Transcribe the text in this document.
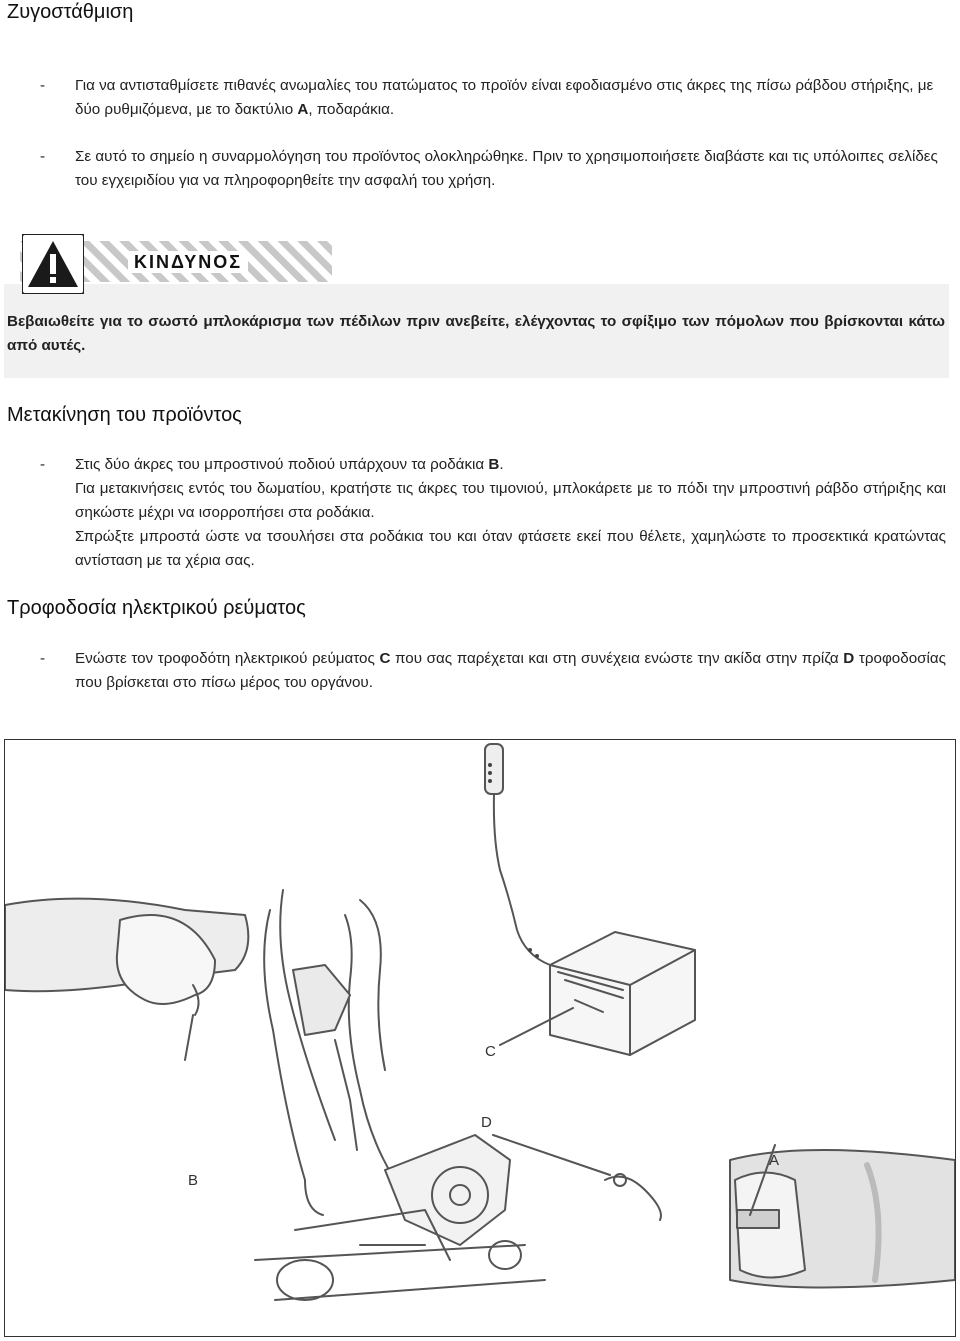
Ζυγοστάθμιση
- Για να αντισταθμίσετε πιθανές ανωμαλίες του πατώματος το προϊόν είναι εφοδιασμένο στις άκρες της πίσω ράβδου στήριξης, με δύο ρυθμιζόμενα, με το δακτύλιο A, ποδαράκια.
- Σε αυτό το σημείο η συναρμολόγηση του προϊόντος ολοκληρώθηκε. Πριν το χρησιμοποιήσετε διαβάστε και τις υπόλοιπες σελίδες του εγχειριδίου για να πληροφορηθείτε την ασφαλή του χρήση.
ΚΙΝΔΥΝΟΣ
Βεβαιωθείτε για το σωστό μπλοκάρισμα των πέδιλων πριν ανεβείτε, ελέγχοντας το σφίξιμο των πόμολων που βρίσκονται κάτω από αυτές.
Μετακίνηση του προϊόντος
- Στις δύο άκρες του μπροστινού ποδιού υπάρχουν τα ροδάκια B.
Για μετακινήσεις εντός του δωματίου, κρατήστε τις άκρες του τιμονιού, μπλοκάρετε με το πόδι την μπροστινή ράβδο στήριξης και σηκώστε μέχρι να ισορροπήσει στα ροδάκια.
Σπρώξτε μπροστά ώστε να τσουλήσει στα ροδάκια του και όταν φτάσετε εκεί που θέλετε, χαμηλώστε το προσεκτικά κρατώντας αντίσταση με τα χέρια σας.
Τροφοδοσία ηλεκτρικού ρεύματος
- Ενώστε τον τροφοδότη ηλεκτρικού ρεύματος C που σας παρέχεται και στη συνέχεια ενώστε την ακίδα στην πρίζα D τροφοδοσίας που βρίσκεται στο πίσω μέρος του οργάνου.
C
D
B
A
